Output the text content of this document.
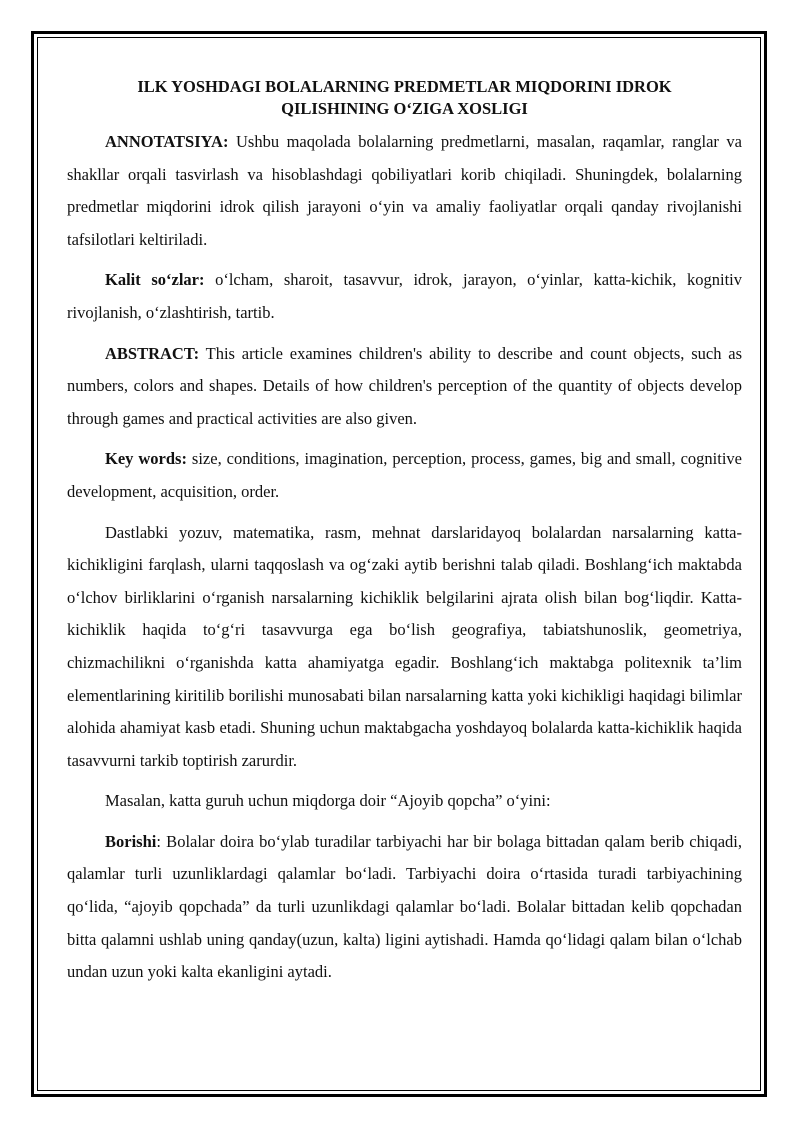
ILK YOSHDAGI BOLALARNING PREDMETLAR MIQDORINI IDROK
QILISHINING O‘ZIGA XOSLIGI

ANNOTATSIYA: Ushbu maqolada bolalarning predmetlarni, masalan, raqamlar, ranglar va shakllar orqali tasvirlash va hisoblashdagi qobiliyatlari korib chiqiladi. Shuningdek, bolalarning predmetlar miqdorini idrok qilish jarayoni o‘yin va amaliy faoliyatlar orqali qanday rivojlanishi tafsilotlari keltiriladi.

Kalit so‘zlar: o‘lcham, sharoit, tasavvur, idrok, jarayon, o‘yinlar, katta-kichik, kognitiv rivojlanish, o‘zlashtirish, tartib.

ABSTRACT: This article examines children's ability to describe and count objects, such as numbers, colors and shapes. Details of how children's perception of the quantity of objects develop through games and practical activities are also given.

Key words: size, conditions, imagination, perception, process, games, big and small, cognitive development, acquisition, order.

Dastlabki yozuv, matematika, rasm, mehnat darslaridayoq bolalardan narsalarning katta-kichikligini farqlash, ularni taqqoslash va og‘zaki aytib berishni talab qiladi. Boshlang‘ich maktabda o‘lchov birliklarini o‘rganish narsalarning kichiklik belgilarini ajrata olish bilan bog‘liqdir. Katta-kichiklik haqida to‘g‘ri tasavvurga ega bo‘lish geografiya, tabiatshunoslik, geometriya, chizmachilikni o‘rganishda katta ahamiyatga egadir. Boshlang‘ich maktabga politexnik ta’lim elementlarining kiritilib borilishi munosabati bilan narsalarning katta yoki kichikligi haqidagi bilimlar alohida ahamiyat kasb etadi. Shuning uchun maktabgacha yoshdayoq bolalarda katta-kichiklik haqida tasavvurni tarkib toptirish zarurdir.

Masalan, katta guruh uchun miqdorga doir “Ajoyib qopcha” o‘yini:

Borishi: Bolalar doira bo‘ylab turadilar tarbiyachi har bir bolaga bittadan qalam berib chiqadi, qalamlar turli uzunliklardagi qalamlar bo‘ladi. Tarbiyachi doira o‘rtasida turadi tarbiyachining qo‘lida, “ajoyib qopchada” da turli uzunlikdagi qalamlar bo‘ladi. Bolalar bittadan kelib qopchadan bitta qalamni ushlab uning qanday(uzun, kalta) ligini aytishadi. Hamda qo‘lidagi qalam bilan o‘lchab undan uzun yoki kalta ekanligini aytadi.
